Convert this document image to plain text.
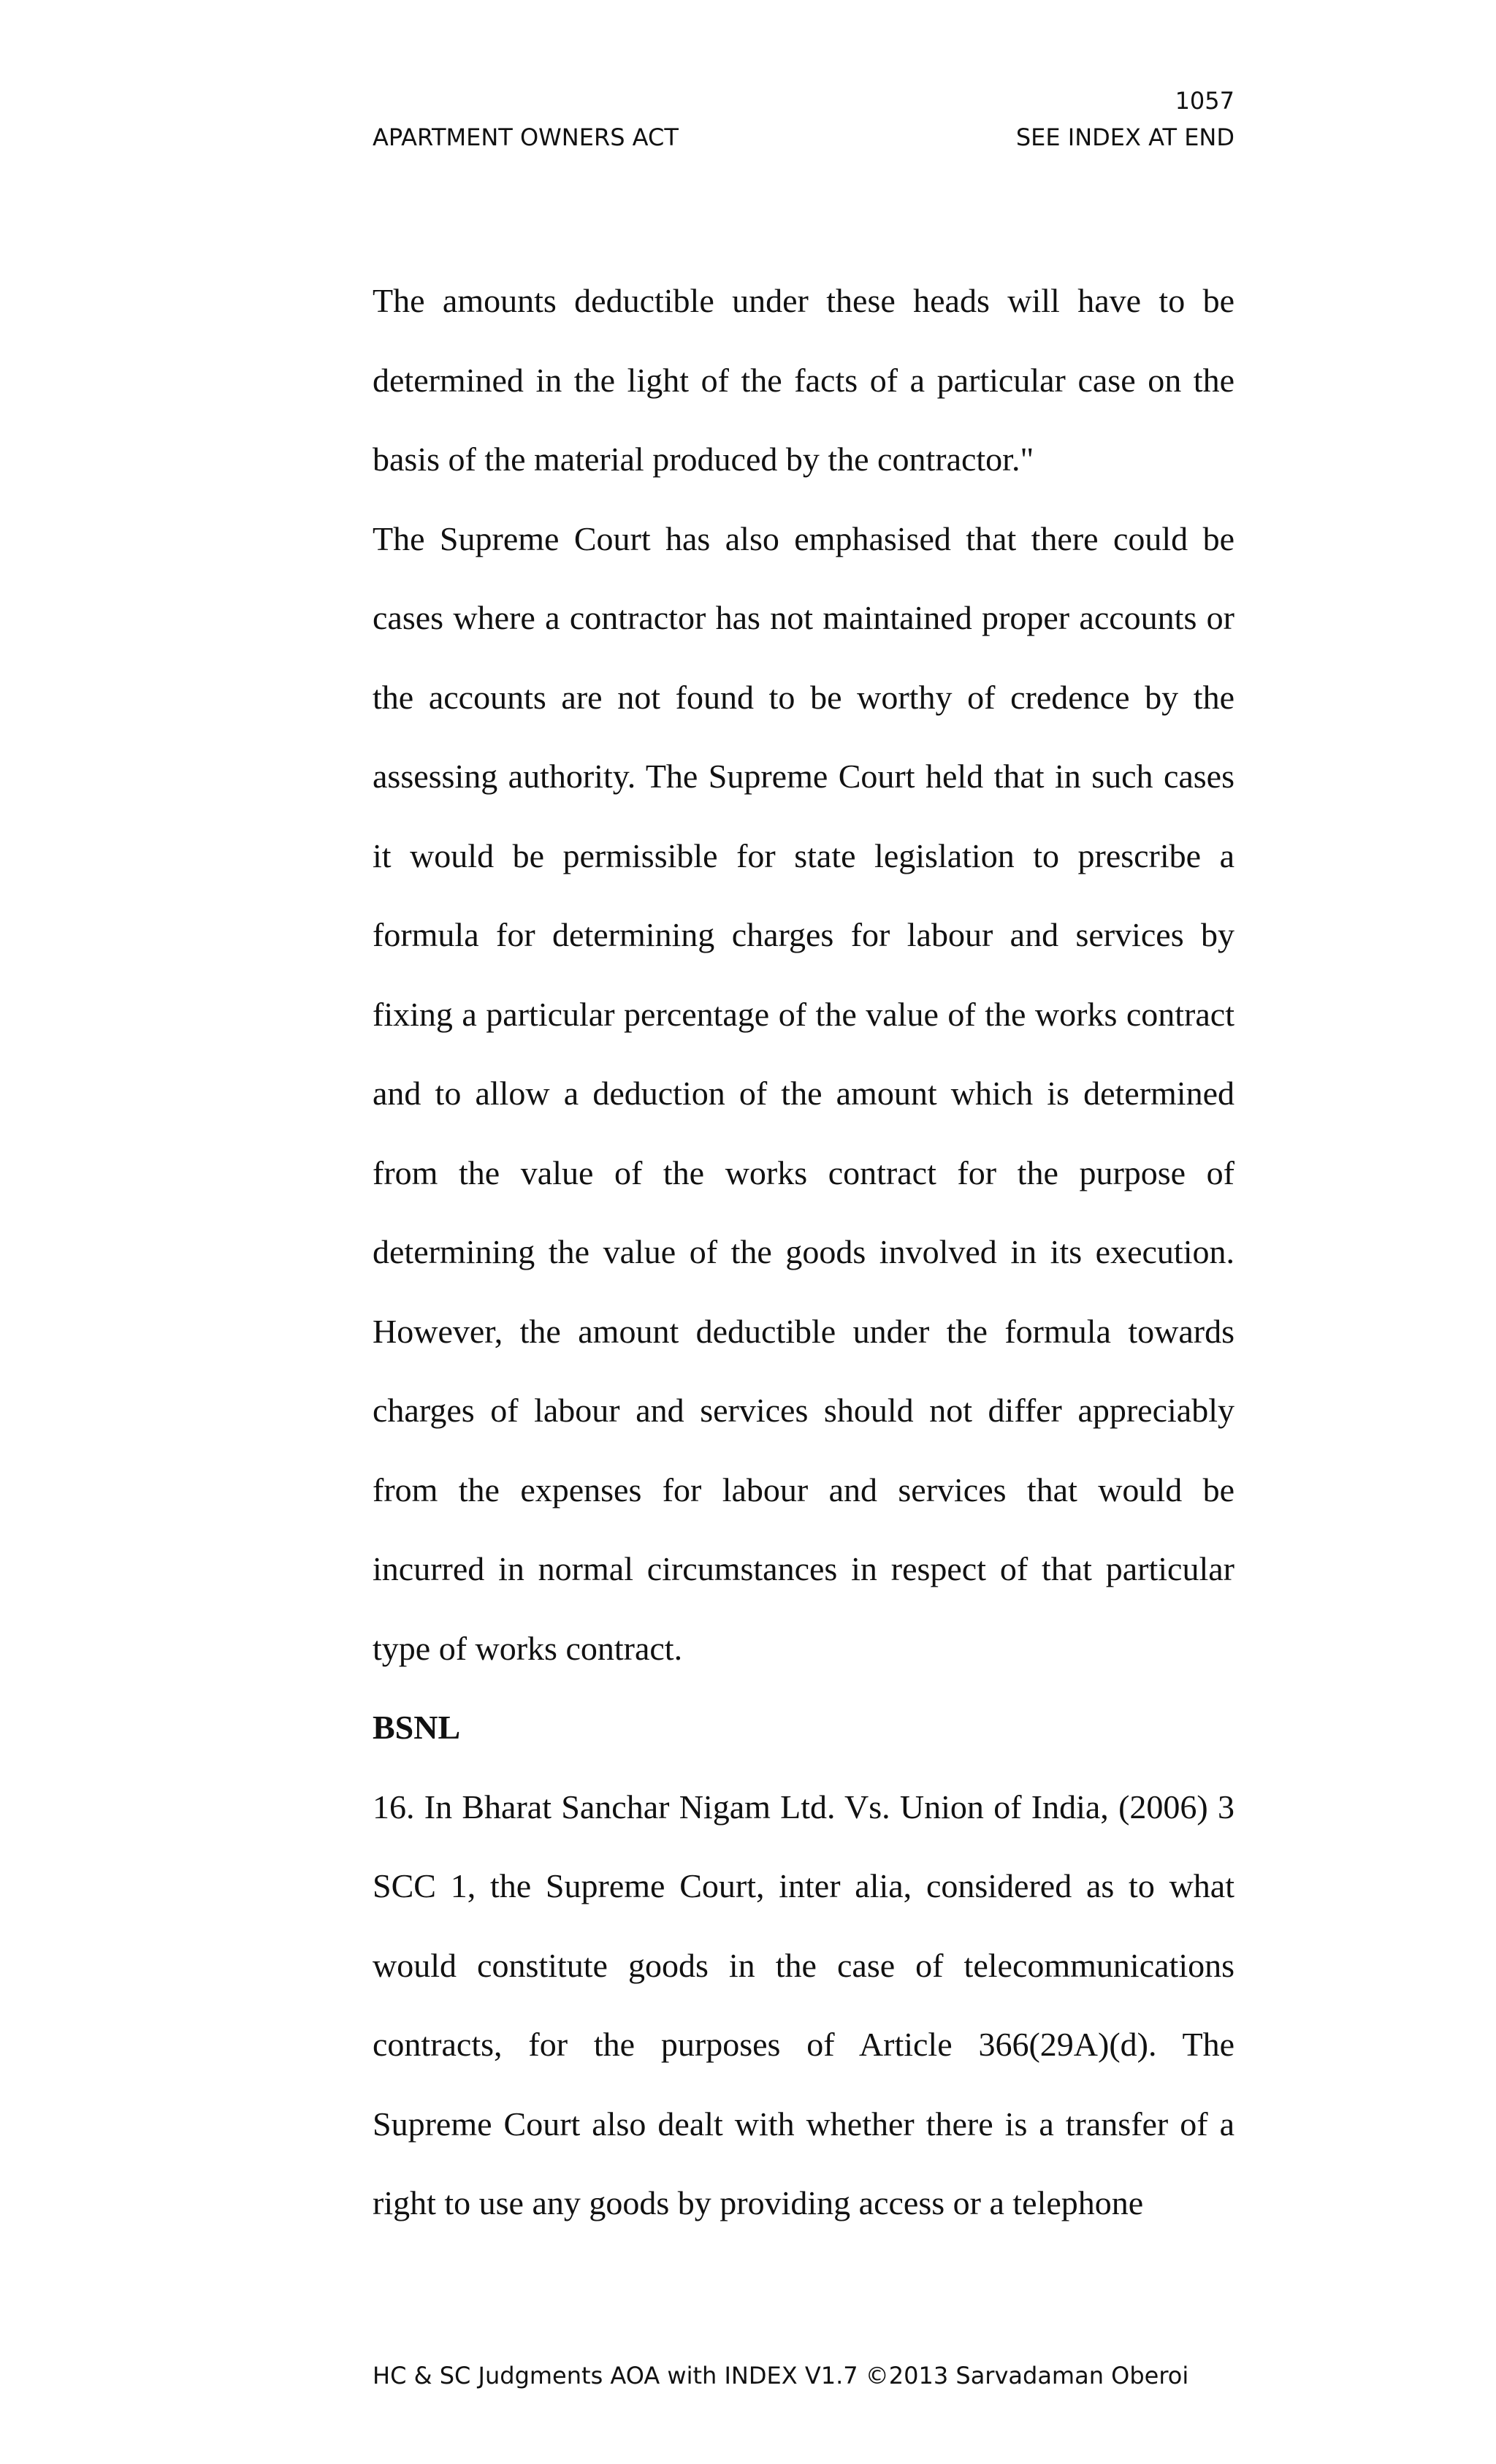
1057
APARTMENT OWNERS ACT	SEE INDEX AT END

The amounts deductible under these heads will have to be determined in the light of the facts of a particular case on the basis of the material produced by the contractor."

The Supreme Court has also emphasised that there could be cases where a contractor has not maintained proper accounts or the accounts are not found to be worthy of credence by the assessing authority. The Supreme Court held that in such cases it would be permissible for state legislation to prescribe a formula for determining charges for labour and services by fixing a particular percentage of the value of the works contract and to allow a deduction of the amount which is determined from the value of the works contract for the purpose of determining the value of the goods involved in its execution. However, the amount deductible under the formula towards charges of labour and services should not differ appreciably from the expenses for labour and services that would be incurred in normal circumstances in respect of that particular type of works contract.

BSNL

16. In Bharat Sanchar Nigam Ltd. Vs. Union of India, (2006) 3 SCC 1, the Supreme Court, inter alia, considered as to what would constitute goods in the case of telecommunications contracts, for the purposes of Article 366(29A)(d). The Supreme Court also dealt with whether there is a transfer of a right to use any goods by providing access or a telephone

HC & SC Judgments AOA with INDEX V1.7 ©2013 Sarvadaman Oberoi
